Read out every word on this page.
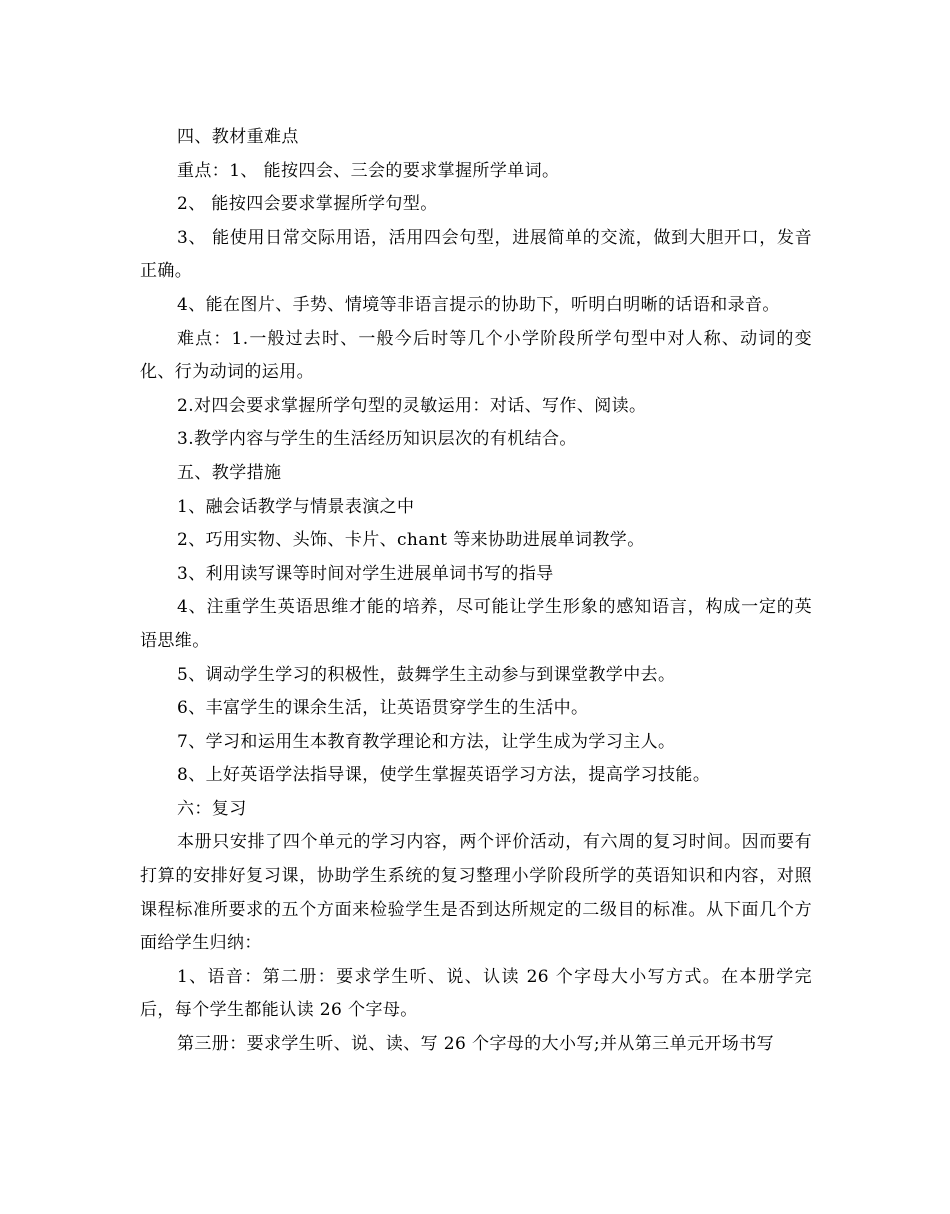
四、教材重难点

重点：1、 能按四会、三会的要求掌握所学单词。

2、 能按四会要求掌握所学句型。

3、 能使用日常交际用语，活用四会句型，进展简单的交流，做到大胆开口，发音正确。

4、能在图片、手势、情境等非语言提示的协助下，听明白明晰的话语和录音。

难点：1.一般过去时、一般今后时等几个小学阶段所学句型中对人称、动词的变化、行为动词的运用。

2.对四会要求掌握所学句型的灵敏运用：对话、写作、阅读。

3.教学内容与学生的生活经历知识层次的有机结合。

五、教学措施

1、融会话教学与情景表演之中

2、巧用实物、头饰、卡片、chant 等来协助进展单词教学。

3、利用读写课等时间对学生进展单词书写的指导

4、注重学生英语思维才能的培养，尽可能让学生形象的感知语言，构成一定的英语思维。

5、调动学生学习的积极性，鼓舞学生主动参与到课堂教学中去。

6、丰富学生的课余生活，让英语贯穿学生的生活中。

7、学习和运用生本教育教学理论和方法，让学生成为学习主人。

8、上好英语学法指导课，使学生掌握英语学习方法，提高学习技能。

六：复习

本册只安排了四个单元的学习内容，两个评价活动，有六周的复习时间。因而要有打算的安排好复习课，协助学生系统的复习整理小学阶段所学的英语知识和内容，对照课程标准所要求的五个方面来检验学生是否到达所规定的二级目的标准。从下面几个方面给学生归纳：

1、语音：第二册：要求学生听、说、认读 26 个字母大小写方式。在本册学完后，每个学生都能认读 26 个字母。

第三册：要求学生听、说、读、写 26 个字母的大小写;并从第三单元开场书写
